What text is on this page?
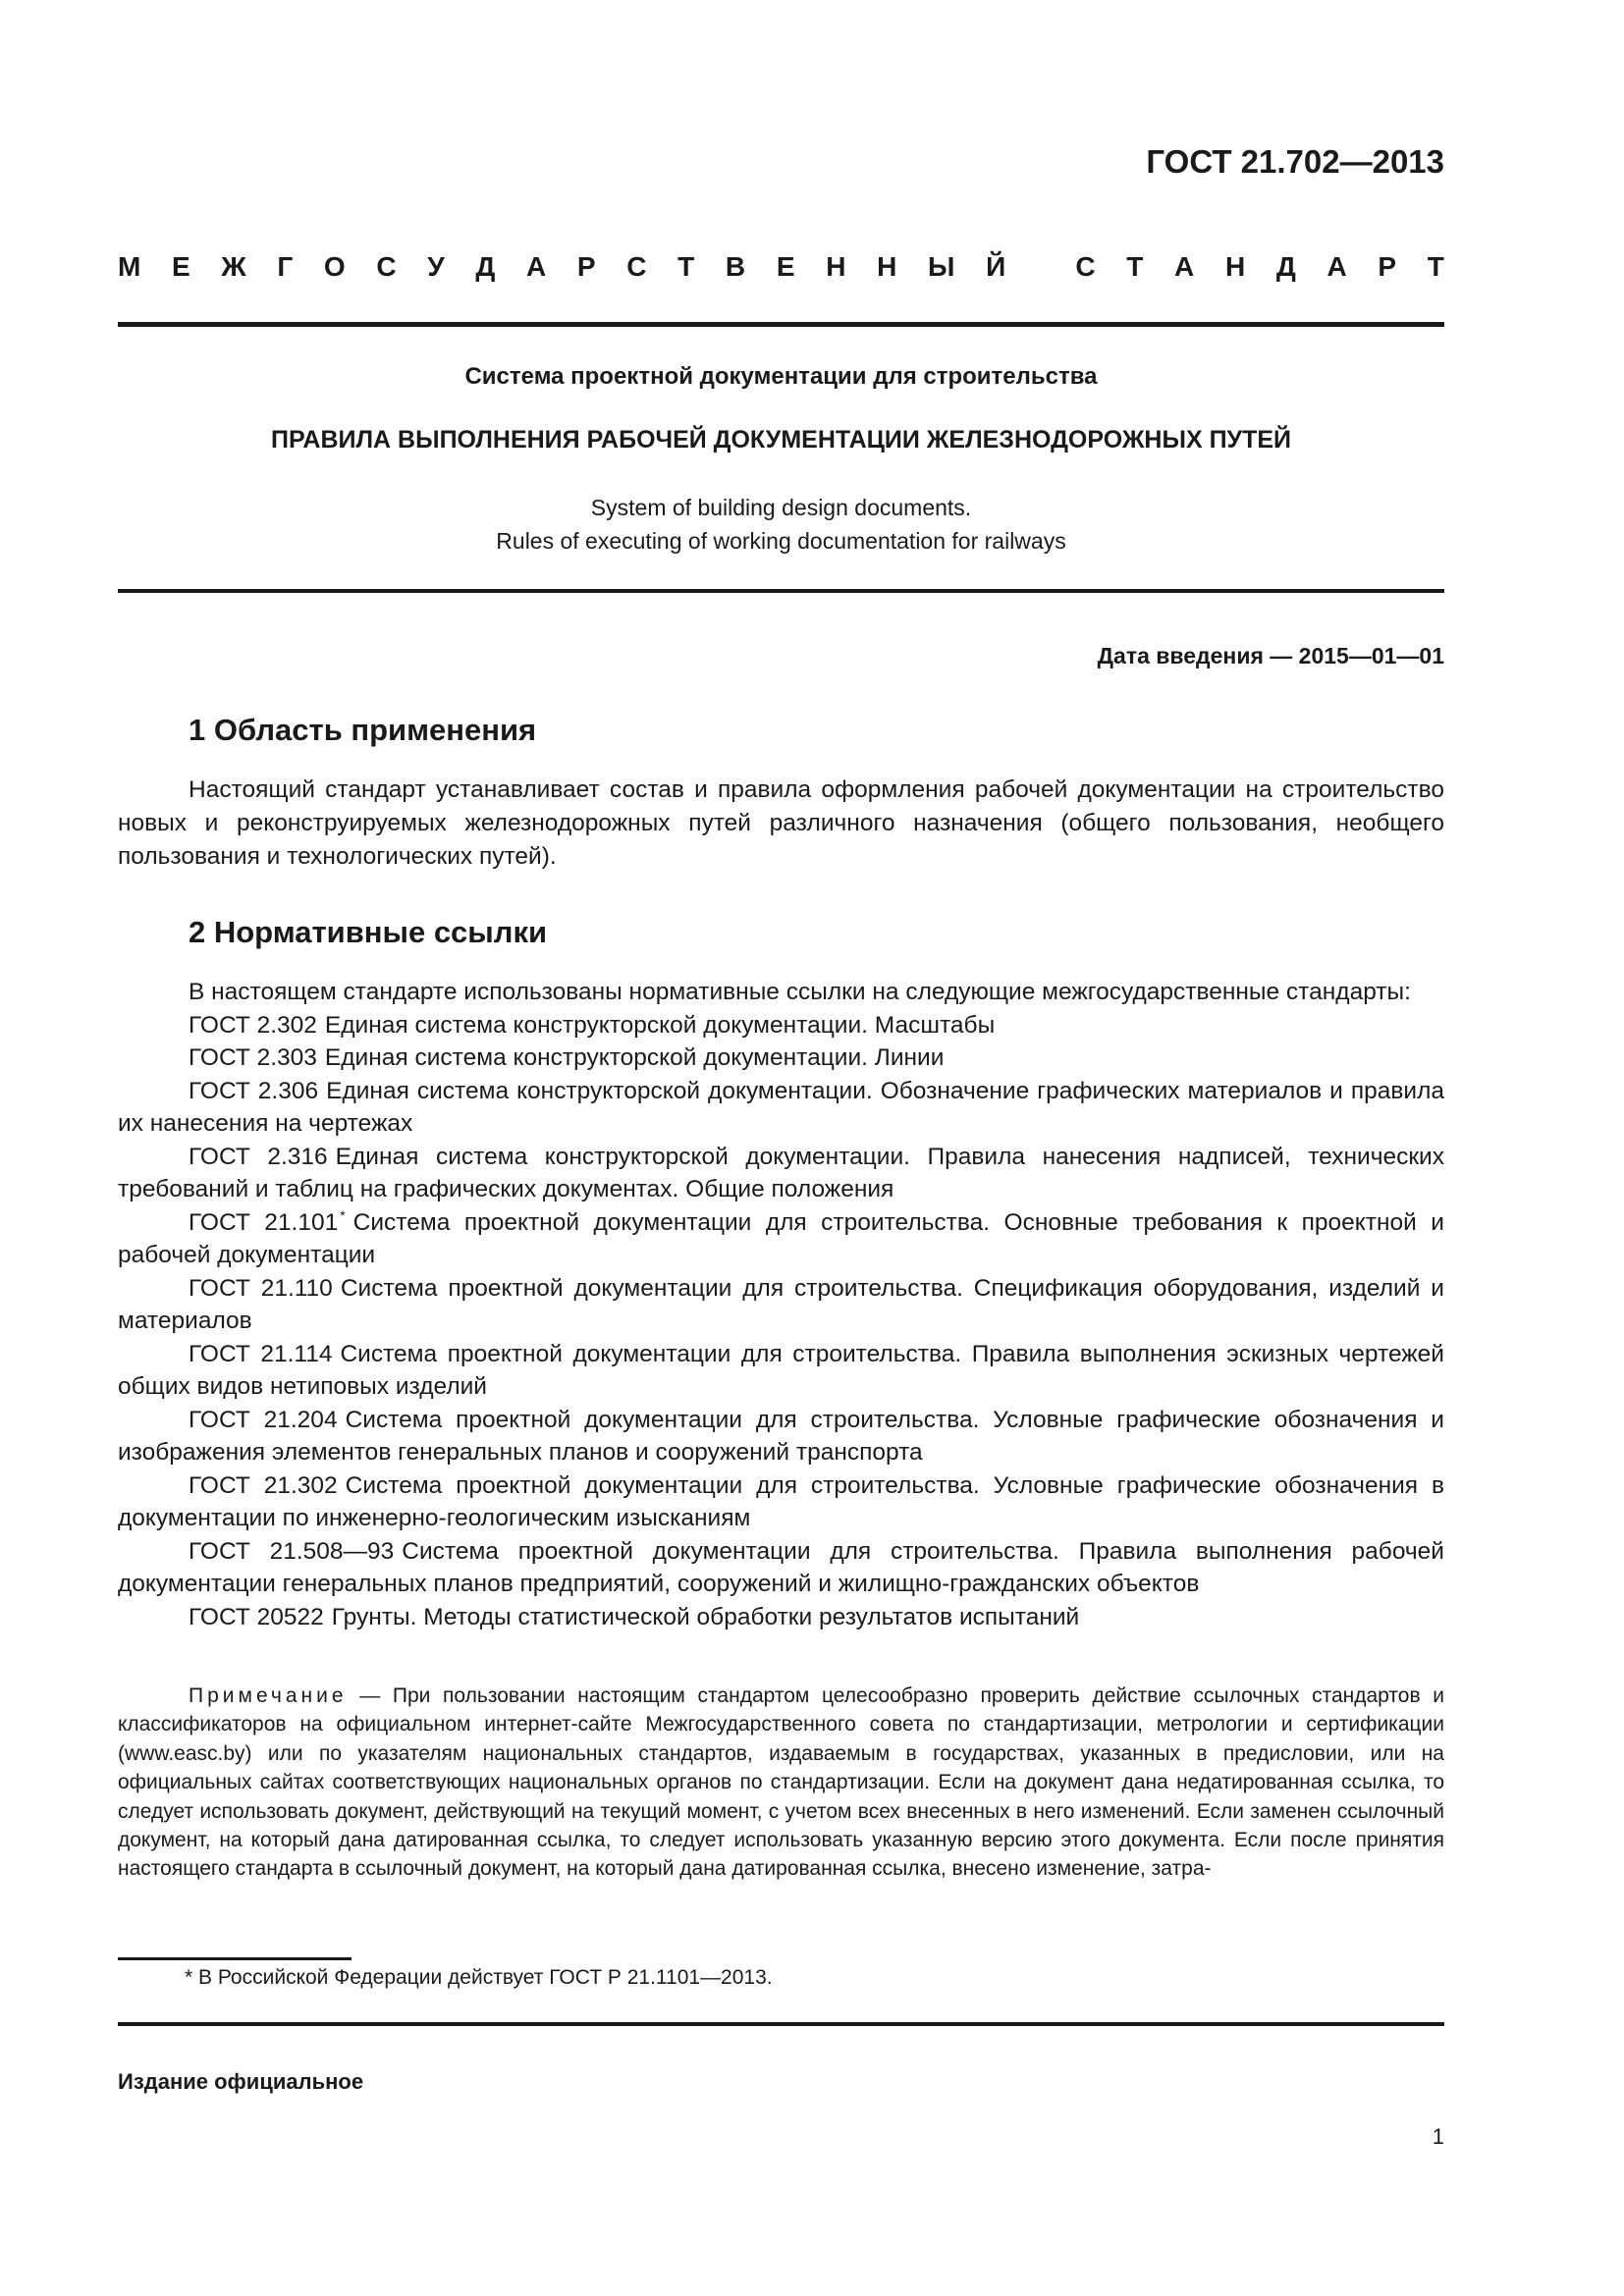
ГОСТ 21.702—2013
М Е Ж Г О С У Д А Р С Т В Е Н Н Ы Й
	С Т А Н Д А Р Т
Система проектной документации для строительства
ПРАВИЛА ВЫПОЛНЕНИЯ РАБОЧЕЙ ДОКУМЕНТАЦИИ ЖЕЛЕЗНОДОРОЖНЫХ ПУТЕЙ
System of building design documents.
Rules of executing of working documentation for railways
Дата введения — 2015—01—01
1 Область применения

Настоящий стандарт устанавливает состав и правила оформления рабочей документации на строительство новых и реконструируемых железнодорожных путей различного назначения (общего пользования, необщего пользования и технологических путей).

2 Нормативные ссылки

В настоящем стандарте использованы нормативные ссылки на следующие межгосударственные стандарты:

ГОСТ 2.302 Единая система конструкторской документации. Масштабы

ГОСТ 2.303 Единая система конструкторской документации. Линии

ГОСТ 2.306 Единая система конструкторской документации. Обозначение графических материалов и правила их нанесения на чертежах

ГОСТ 2.316 Единая система конструкторской документации. Правила нанесения надписей, технических требований и таблиц на графических документах. Общие положения

ГОСТ 21.101 * Система проектной документации для строительства. Основные требования к проектной и рабочей документации

ГОСТ 21.110 Система проектной документации для строительства. Спецификация оборудования, изделий и материалов

ГОСТ 21.114 Система проектной документации для строительства. Правила выполнения эскизных чертежей общих видов нетиповых изделий

ГОСТ 21.204 Система проектной документации для строительства. Условные графические обозначения и изображения элементов генеральных планов и сооружений транспорта

ГОСТ 21.302 Система проектной документации для строительства. Условные графические обозначения в документации по инженерно-геологическим изысканиям

ГОСТ 21.508—93 Система проектной документации для строительства. Правила выполнения рабочей документации генеральных планов предприятий, сооружений и жилищно-гражданских объектов

ГОСТ 20522 Грунты. Методы статистической обработки результатов испытаний

Примечание — При пользовании настоящим стандартом целесообразно проверить действие ссылочных стандартов и классификаторов на официальном интернет-сайте Межгосударственного совета по стандартизации, метрологии и сертификации (www.easc.by) или по указателям национальных стандартов, издаваемым в государствах, указанных в предисловии, или на официальных сайтах соответствующих национальных органов по стандартизации. Если на документ дана недатированная ссылка, то следует использовать документ, действующий на текущий момент, с учетом всех внесенных в него изменений. Если заменен ссылочный документ, на который дана датированная ссылка, то следует использовать указанную версию этого документа. Если после принятия настоящего стандарта в ссылочный документ, на который дана датированная ссылка, внесено изменение, затра-

* В Российской Федерации действует ГОСТ Р 21.1101—2013.
Издание официальное
1
